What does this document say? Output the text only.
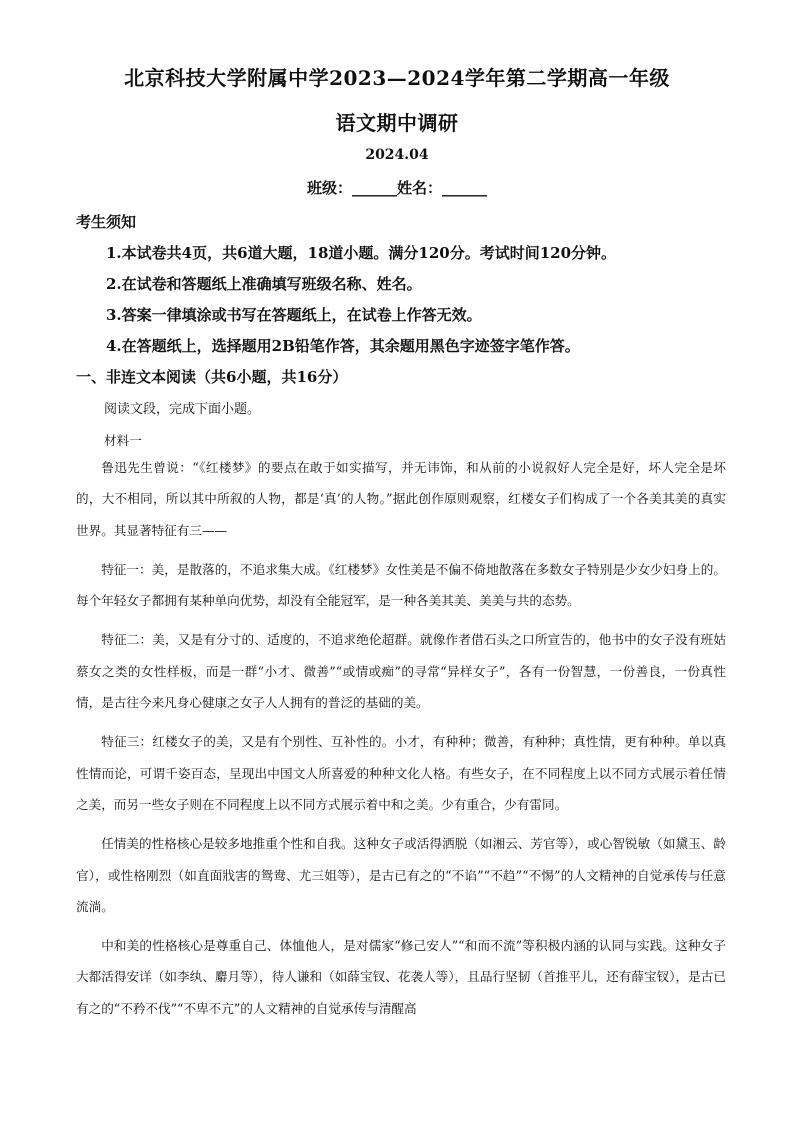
北京科技大学附属中学2023—2024学年第二学期高一年级
语文期中调研
2024.04
班级：______姓名：______
考生须知
1.本试卷共4页，共6道大题，18道小题。满分120分。考试时间120分钟。
2.在试卷和答题纸上准确填写班级名称、姓名。
3.答案一律填涂或书写在答题纸上，在试卷上作答无效。
4.在答题纸上，选择题用2B铅笔作答，其余题用黑色字迹签字笔作答。
一、非连文本阅读（共6小题，共16分）
阅读文段，完成下面小题。
材料一

鲁迅先生曾说：“《红楼梦》的要点在敢于如实描写，并无讳饰，和从前的小说叙好人完全是好，坏人完全是坏的，大不相同，所以其中所叙的人物，都是‘真’的人物。”据此创作原则观察，红楼女子们构成了一个各美其美的真实世界。其显著特征有三——

特征一：美，是散落的，不追求集大成。《红楼梦》女性美是不偏不倚地散落在多数女子特别是少女少妇身上的。每个年轻女子都拥有某种单向优势，却没有全能冠军，是一种各美其美、美美与共的态势。

特征二：美，又是有分寸的、适度的，不追求绝伦超群。就像作者借石头之口所宣告的，他书中的女子没有班姑蔡女之类的女性样板，而是一群“小才、微善”“或情或痴”的寻常“异样女子”，各有一份智慧，一份善良，一份真性情，是古往今来凡身心健康之女子人人拥有的普泛的基础的美。

特征三：红楼女子的美，又是有个别性、互补性的。小才，有种种；微善，有种种；真性情，更有种种。单以真性情而论，可谓千姿百态，呈现出中国文人所喜爱的种种文化人格。有些女子，在不同程度上以不同方式展示着任情之美，而另一些女子则在不同程度上以不同方式展示着中和之美。少有重合，少有雷同。

任情美的性格核心是较多地推重个性和自我。这种女子或活得洒脱（如湘云、芳官等），或心智锐敏（如黛玉、龄官），或性格刚烈（如直面戕害的鸳鸯、尤三姐等），是古已有之的“不谄”“不趋”“不惕”的人文精神的自觉承传与任意流淌。

中和美的性格核心是尊重自己、体恤他人，是对儒家“修己安人”“和而不流”等积极内涵的认同与实践。这种女子大都活得安详（如李纨、麝月等），待人谦和（如薛宝钗、花袭人等），且品行坚韧（首推平儿，还有薛宝钗），是古已有之的“不矜不伐”“不卑不亢”的人文精神的自觉承传与清醒高
